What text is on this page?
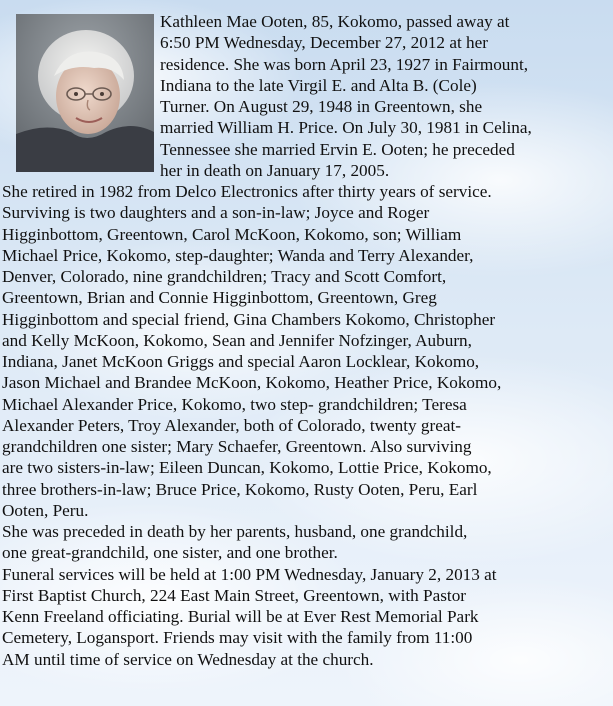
Kathleen Mae Ooten, 85, Kokomo, passed away at
6:50 PM Wednesday, December 27, 2012 at her
residence. She was born April 23, 1927 in Fairmount,
Indiana to the late Virgil E. and Alta B. (Cole)
Turner. On August 29, 1948 in Greentown, she
married William H. Price. On July 30, 1981 in Celina,
Tennessee she married Ervin E. Ooten; he preceded
her in death on January 17, 2005.
She retired in 1982 from Delco Electronics after thirty years of service.
Surviving is two daughters and a son-in-law; Joyce and Roger
Higginbottom, Greentown, Carol McKoon, Kokomo, son; William
Michael Price, Kokomo, step-daughter; Wanda and Terry Alexander,
Denver, Colorado, nine grandchildren; Tracy and Scott Comfort,
Greentown, Brian and Connie Higginbottom, Greentown, Greg
Higginbottom and special friend, Gina Chambers Kokomo, Christopher
and Kelly McKoon, Kokomo, Sean and Jennifer Nofzinger, Auburn,
Indiana, Janet McKoon Griggs and special Aaron Locklear, Kokomo,
Jason Michael and Brandee McKoon, Kokomo, Heather Price, Kokomo,
Michael Alexander Price, Kokomo, two step- grandchildren; Teresa
Alexander Peters, Troy Alexander, both of Colorado, twenty great-
grandchildren one sister; Mary Schaefer, Greentown. Also surviving
are two sisters-in-law; Eileen Duncan, Kokomo, Lottie Price, Kokomo,
three brothers-in-law; Bruce Price, Kokomo, Rusty Ooten, Peru, Earl
Ooten, Peru.
She was preceded in death by her parents, husband, one grandchild,
one great-grandchild, one sister, and one brother.
Funeral services will be held at 1:00 PM Wednesday, January 2, 2013 at
First Baptist Church, 224 East Main Street, Greentown, with Pastor
Kenn Freeland officiating. Burial will be at Ever Rest Memorial Park
Cemetery, Logansport. Friends may visit with the family from 11:00
AM until time of service on Wednesday at the church.
